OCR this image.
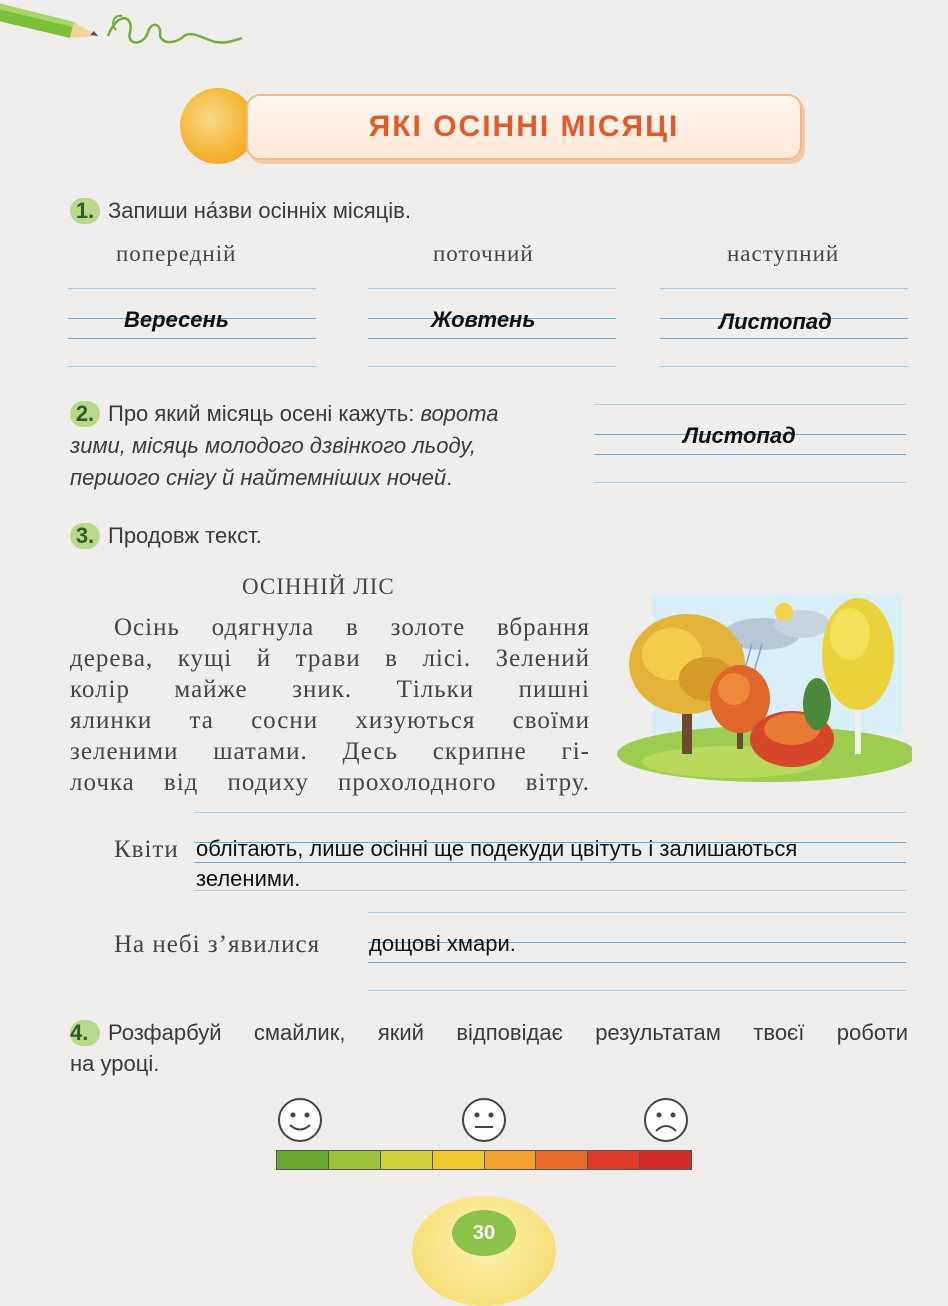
ЯКІ ОСІННІ МІСЯЦІ
1. Запиши на́зви осінніх місяців.
попередній	поточний	наступний
Вересень	Жовтень	Листопад
2. Про який місяць осені кажуть: ворота
зими, місяць молодого дзвінкого льоду,
першого снігу й найтемніших ночей.
Листопад
3. Продовж текст.
ОСІННІЙ ЛІС
Осінь одягнула в золоте вбрання
дерева, кущі й трави в лісі. Зелений
колір майже зник. Тільки пишні
ялинки та сосни хизуються своїми
зеленими шатами. Десь скрипне гі-
лочка від подиху прохолодного вітру.
Квіти облітають, лише осінні ще подекуди цвітуть і залишаються
зеленими.
На небі з’явилися дощові хмари.
4. Розфарбуй смайлик, який відповідає результатам твоєї роботи
на уроці.
30
